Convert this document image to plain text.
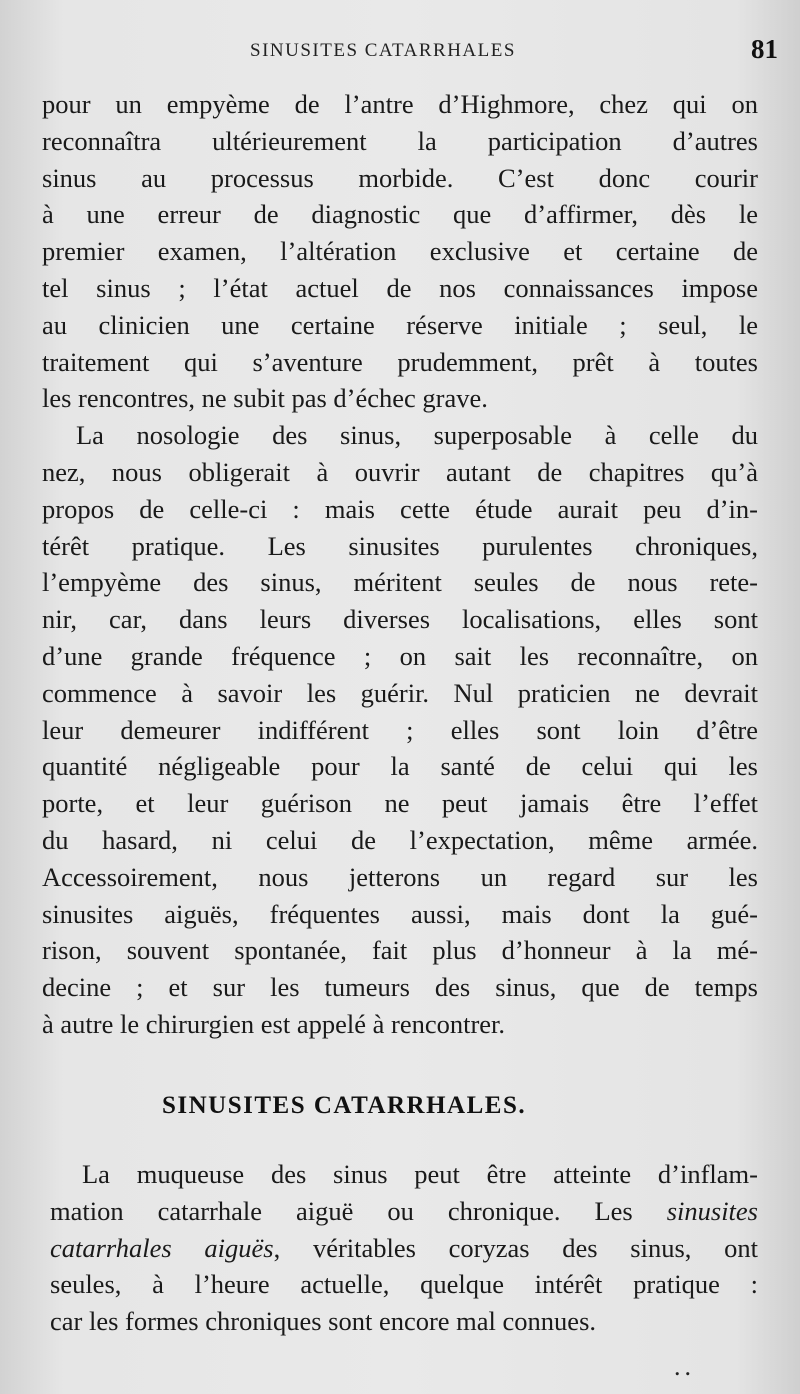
SINUSITES CATARRHALES	81
pour un empyème de l’antre d’Highmore, chez qui on
reconnaîtra ultérieurement la participation d’autres
sinus au processus morbide. C’est donc courir
à une erreur de diagnostic que d’affirmer, dès le
premier examen, l’altération exclusive et certaine de
tel sinus ; l’état actuel de nos connaissances impose
au clinicien une certaine réserve initiale ; seul, le
traitement qui s’aventure prudemment, prêt à toutes
les rencontres, ne subit pas d’échec grave.
La nosologie des sinus, superposable à celle du
nez, nous obligerait à ouvrir autant de chapitres qu’à
propos de celle-ci : mais cette étude aurait peu d’in-
térêt pratique. Les sinusites purulentes chroniques,
l’empyème des sinus, méritent seules de nous rete-
nir, car, dans leurs diverses localisations, elles sont
d’une grande fréquence ; on sait les reconnaître, on
commence à savoir les guérir. Nul praticien ne devrait
leur demeurer indifférent ; elles sont loin d’être
quantité négligeable pour la santé de celui qui les
porte, et leur guérison ne peut jamais être l’effet
du hasard, ni celui de l’expectation, même armée.
Accessoirement, nous jetterons un regard sur les
sinusites aiguës, fréquentes aussi, mais dont la gué-
rison, souvent spontanée, fait plus d’honneur à la mé-
decine ; et sur les tumeurs des sinus, que de temps
à autre le chirurgien est appelé à rencontrer.
SINUSITES CATARRHALES.
La muqueuse des sinus peut être atteinte d’inflam-
mation catarrhale aiguë ou chronique. Les sinusites
catarrhales aiguës, véritables coryzas des sinus, ont
seules, à l’heure actuelle, quelque intérêt pratique :
car les formes chroniques sont encore mal connues.
..
